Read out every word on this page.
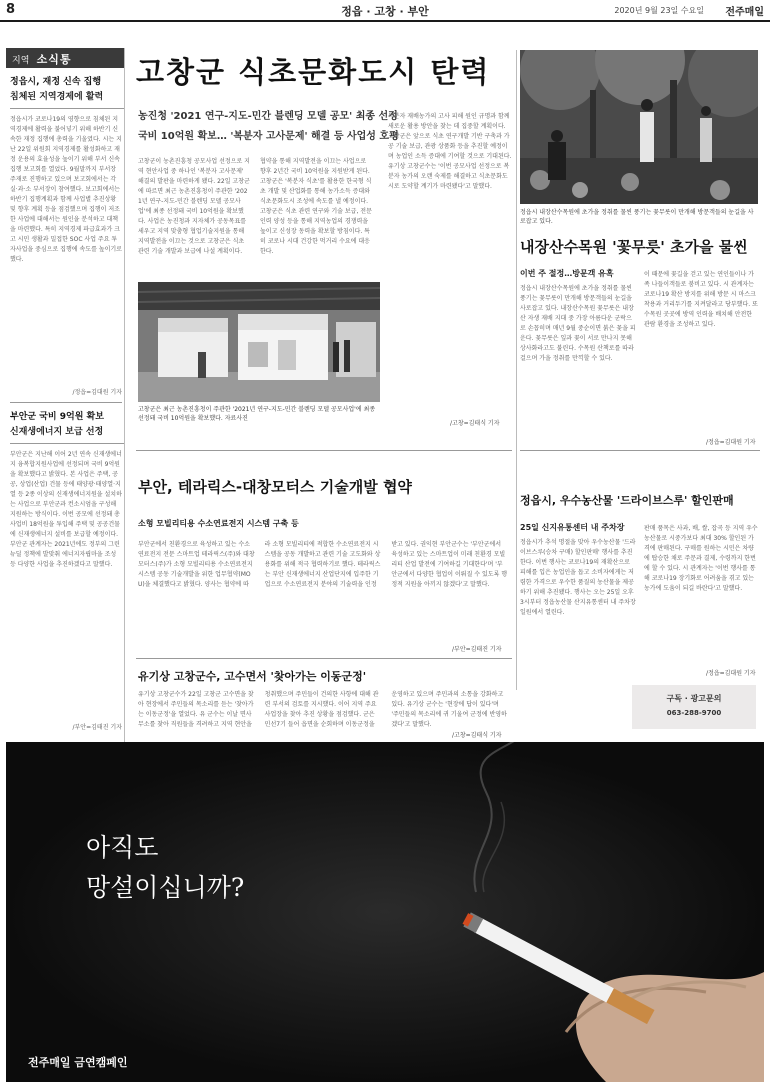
정읍 · 고창 · 부안
8	2020년 9월 23일 수요일 전주매일
지역 소식통
정읍시, 재정 신속 집행
침체된 지역경제에 활력
정읍시가 코로나19의 영향으로 침체된 지역경제에 활력을 불어넣기 위해 하반기 신속한 재정 집행에 총력을 기울였다. 시는 지난 22일 위원회 지역경제를 활성화하고 재정 운용의 효율성을 높이기 위해 부서 신속 집행 보고회를 열었다. 9월말까지 부서장 주재로 진행하고 있으며 보고회에서는 각 실·과·소 부서장이 참여했다. 보고회에서는 하반기 집행계획과 함께 사업별 추진상황 및 향후 계획 등을 점검했으며 집행이 저조한 사업에 대해서는 원인을 분석하고 대책을 마련했다. 특히 지역경제 파급효과가 크고 시민 생활과 밀접한 SOC 사업 주요 투자사업을 중심으로 집행에 속도를 높이기로 했다.
/정읍=김대원 기자
부안군 국비 9억원 확보
신재생에너지 보급 선정
부안군은 지난해 이어 2년 연속 신재생에너지 융복합지원사업에 선정되며 국비 9억원을 확보했다고 밝혔다. 본 사업은 주택, 공공, 상업(산업) 건물 등에 태양광·태양열·지열 등 2종 이상의 신재생에너지원을 설치하는 사업으로 부안군과 컨소시엄을 구성해 지원하는 방식이다. 이번 공모에 선정돼 총사업비 18억원을 투입해 주택 및 공공건물에 신재생에너지 설비를 보급할 예정이다. 부안군 관계자는 2021년에도 정부의 그린뉴딜 정책에 발맞춰 에너지자립마을 조성 등 다양한 사업을 추진하겠다고 말했다.
/부안=김태진 기자
고창군 식초문화도시 탄력
농진청 '2021 연구-지도-민간 블렌딩 모델 공모' 최종 선정
국비 10억원 확보… '복분자 고사문제' 해결 등 사업성 호평
고창군이 농촌진흥청 공모사업 선정으로 지역 현안사업 중 하나인 '복분자 고사문제' 해결의 발판을 마련하게 됐다. 22일 고창군에 따르면 최근 농촌진흥청이 주관한 '2021년 연구-지도-민간 블렌딩 모델 공모사업'에 최종 선정돼 국비 10억원을 확보했다. 사업은 농진청과 지자체가 공동목표를 세우고 지역 맞춤형 협업기술지원을 통해 지역발전을 이끄는 것으로 고창군은 식초 관련 기술 개발과 보급에 나설 계획이다.
협약을 통해 지역발전을 이끄는 사업으로 향후 2년간 국비 10억원을 지원받게 된다. 고창군은 '복분자 식초'를 활용한 한국형 식초 개발 및 산업화를 통해 농가소득 증대와 식초문화도시 조성에 속도를 낼 예정이다. 고창군은 식초 관련 연구와 기술 보급, 전문 인력 양성 등을 통해 지역농업의 경쟁력을 높이고 신성장 동력을 확보할 방침이다. 특히 코로나 시대 건강한 먹거리 수요에 대응한다.
복분자 재배농가의 고사 피해 원인 규명과 함께 새로운 활용 방안을 찾는 데 집중할 계획이다. 고창군은 앞으로 식초 연구개발 기반 구축과 가공 기술 보급, 관광 상품화 등을 추진할 예정이며 농업인 소득 증대에 기여할 것으로 기대된다. 유기상 고창군수는 '이번 공모사업 선정으로 복분자 농가의 오랜 숙제를 해결하고 식초문화도시로 도약할 계기가 마련됐다'고 말했다.
/고창=김태식 기자
고창군은 최근 농촌진흥청이 주관한 '2021년 연구-지도-민간 블렌딩 모델 공모사업'에 최종 선정돼 국비 10억원을 확보했다. 자료사진
정읍시 내장산수목원에 초가을 정취를 물씬 풍기는 꽃무릇이 만개해 방문객들의 눈길을 사로잡고 있다.
내장산수목원 '꽃무릇' 초가을 물씬
이번 주 절정…방문객 유혹
정읍시 내장산수목원에 초가을 정취를 물씬 풍기는 꽃무릇이 만개해 방문객들의 눈길을 사로잡고 있다. 내장산수목원 꽃무릇은 내장산 자생 재배 지대 중 가장 아름다운 군락으로 손꼽히며 매년 9월 중순이면 붉은 꽃을 피운다. 꽃무릇은 잎과 꽃이 서로 만나지 못해 상사화라고도 불린다. 수목원 산책로를 따라 걸으며 가을 정취를 만끽할 수 있다.
이 때문에 꽃길을 걷고 있는 연인들이나 가족 나들이객들로 붐비고 있다. 시 관계자는 코로나19 확산 방지를 위해 방문 시 마스크 착용과 거리두기를 지켜달라고 당부했다. 또 수목원 곳곳에 방역 인력을 배치해 안전한 관람 환경을 조성하고 있다.
/정읍=김대원 기자
정읍시, 우수농산물 '드라이브스루' 할인판매
25일 신지유통센터 내 주차장
정읍시가 추석 명절을 맞아 우수농산물 '드라이브스루(승차 구매) 할인판매' 행사를 추진한다. 이번 행사는 코로나19의 재확산으로 피해를 입은 농업인을 돕고 소비자에게는 저렴한 가격으로 우수한 품질의 농산물을 제공하기 위해 추진됐다. 행사는 오는 25일 오후 3시부터 정읍농산물 산지유통센터 내 주차장 일원에서 열린다.
판매 품목은 사과, 배, 쌀, 잡곡 등 지역 우수농산물로 시중가보다 최대 30% 할인된 가격에 판매된다. 구매를 원하는 시민은 차량에 탑승한 채로 주문과 결제, 수령까지 한번에 할 수 있다. 시 관계자는 '이번 행사를 통해 코로나19 장기화로 어려움을 겪고 있는 농가에 도움이 되길 바란다'고 말했다.
/정읍=김대원 기자
구독 · 광고문의
063-288-9700
부안, 테라릭스-대창모터스 기술개발 협약
소형 모빌리티용 수소연료전지 시스템 구축 등
부안군에서 친환경으로 육성하고 있는 수소연료전지 전문 스마트업 테라릭스(주)와 대창모터스(주)가 소형 모빌리티용 수소연료전지 시스템 공동 기술개발을 위한 업무협약(MOU)을 체결했다고 밝혔다. 양사는 협약에 따라 소형 모빌리티에 적합한 수소연료전지 시스템을 공동 개발하고 관련 기술 고도화와 상용화를 위해 적극 협력하기로 했다. 테라릭스는 부안 신재생에너지 산업단지에 입주한 기업으로 수소연료전지 분야의 기술력을 인정받고 있다. 권익현 부안군수는 '부안군에서 육성하고 있는 스마트업이 미래 친환경 모빌리티 산업 발전에 기여하길 기대한다'며 '부안군에서 다양한 협업이 이뤄질 수 있도록 행정적 지원을 아끼지 않겠다'고 말했다.
/부안=김태진 기자
유기상 고창군수, 고수면서 '찾아가는 이동군정'
유기상 고창군수가 22일 고창군 고수면을 찾아 현장에서 주민들의 목소리를 듣는 '찾아가는 이동군정'을 열었다. 유 군수는 이날 면사무소를 찾아 직원들을 격려하고 지역 현안을 청취했으며 주민들이 건의한 사항에 대해 관련 부서의 검토를 지시했다. 이어 지역 주요 사업장을 찾아 추진 상황을 점검했다. 군은 민선7기 들어 읍면을 순회하며 이동군정을 운영하고 있으며 주민과의 소통을 강화하고 있다. 유기상 군수는 '현장에 답이 있다'며 '주민들의 목소리에 귀 기울여 군정에 반영하겠다'고 말했다.
/고창=김태식 기자
아직도
망설이십니까?
전주매일 금연캠페인
